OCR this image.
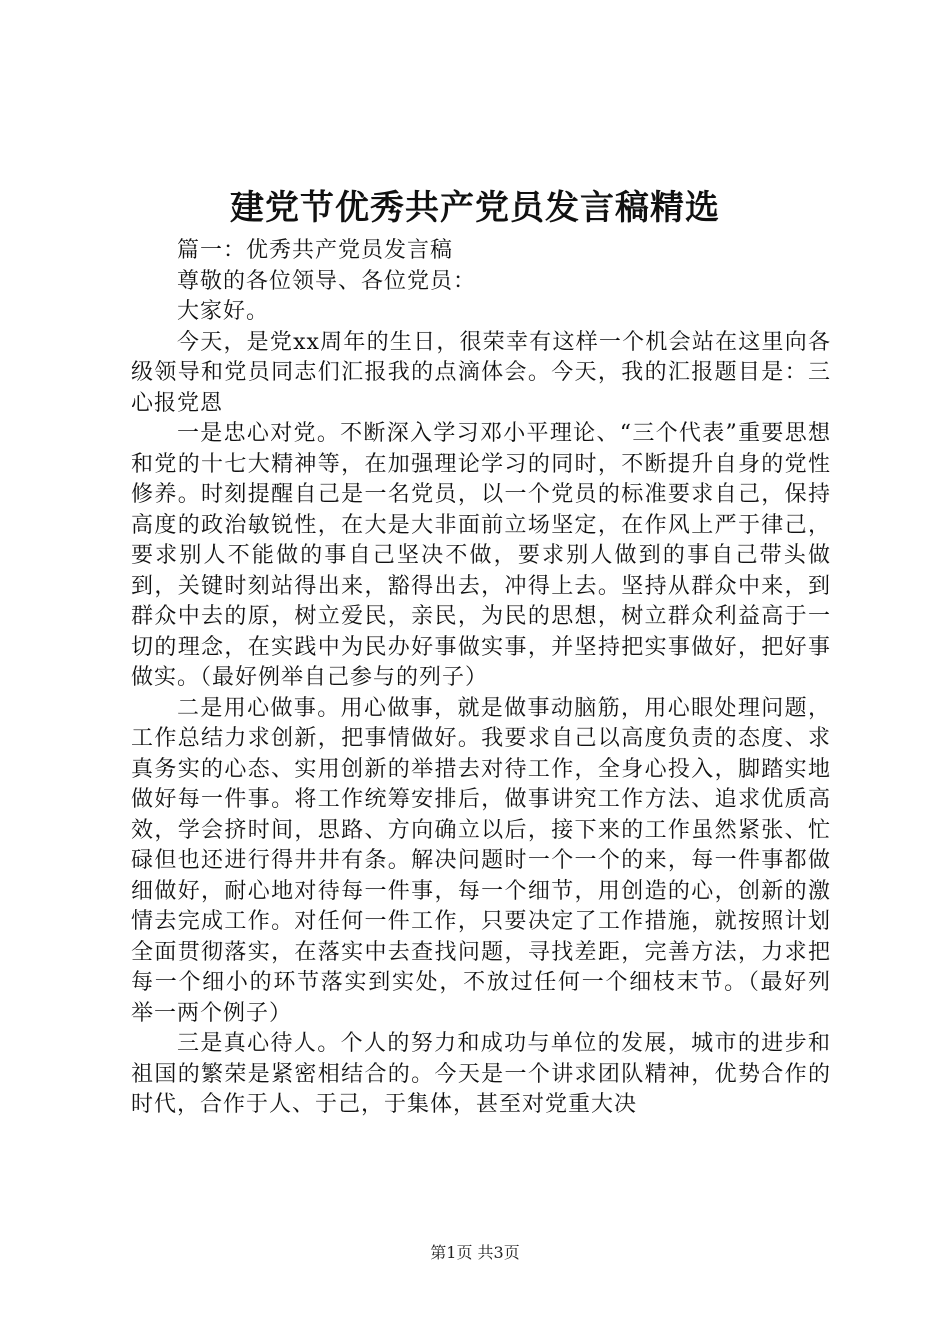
建党节优秀共产党员发言稿精选

篇一：优秀共产党员发言稿

尊敬的各位领导、各位党员：

大家好。

今天，是党xx周年的生日，很荣幸有这样一个机会站在这里向各级领导和党员同志们汇报我的点滴体会。今天，我的汇报题目是：三心报党恩

一是忠心对党。不断深入学习邓小平理论、“三个代表”重要思想和党的十七大精神等，在加强理论学习的同时，不断提升自身的党性修养。时刻提醒自己是一名党员，以一个党员的标准要求自己，保持高度的政治敏锐性，在大是大非面前立场坚定，在作风上严于律己，要求别人不能做的事自己坚决不做，要求别人做到的事自己带头做到，关键时刻站得出来，豁得出去，冲得上去。坚持从群众中来，到群众中去的原，树立爱民，亲民，为民的思想，树立群众利益高于一切的理念，在实践中为民办好事做实事，并坚持把实事做好，把好事做实。（最好例举自己参与的列子）

二是用心做事。用心做事，就是做事动脑筋，用心眼处理问题，工作总结力求创新，把事情做好。我要求自己以高度负责的态度、求真务实的心态、实用创新的举措去对待工作，全身心投入，脚踏实地做好每一件事。将工作统筹安排后，做事讲究工作方法、追求优质高效，学会挤时间，思路、方向确立以后，接下来的工作虽然紧张、忙碌但也还进行得井井有条。解决问题时一个一个的来，每一件事都做细做好，耐心地对待每一件事，每一个细节，用创造的心，创新的激情去完成工作。对任何一件工作，只要决定了工作措施，就按照计划全面贯彻落实，在落实中去查找问题，寻找差距，完善方法，力求把每一个细小的环节落实到实处，不放过任何一个细枝末节。（最好列举一两个例子）

三是真心待人。个人的努力和成功与单位的发展，城市的进步和祖国的繁荣是紧密相结合的。今天是一个讲求团队精神，优势合作的时代，合作于人、于己，于集体，甚至对党重大决

第1页 共3页
